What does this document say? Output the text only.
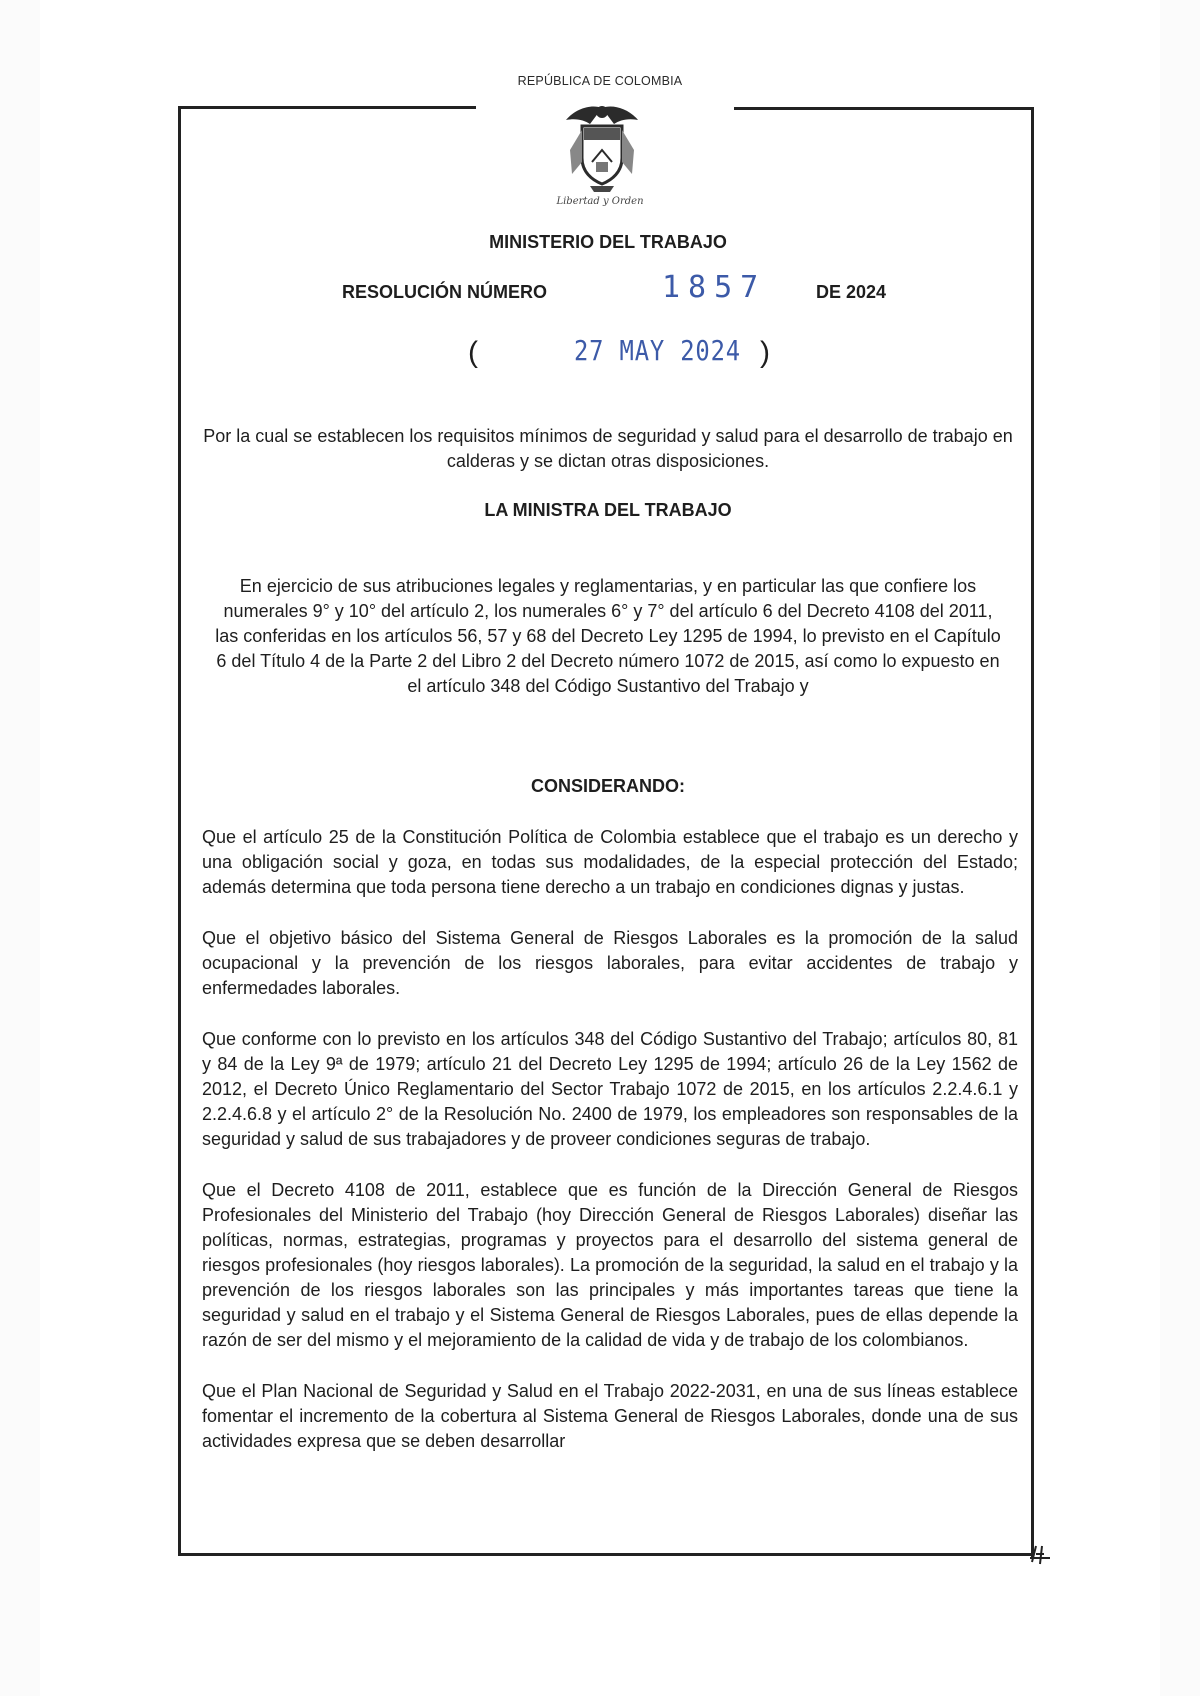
REPÚBLICA DE COLOMBIA
Libertad y Orden
MINISTERIO DEL TRABAJO
RESOLUCIÓN NÚMERO	1857	DE 2024
(	27 MAY 2024 )
Por la cual se establecen los requisitos mínimos de seguridad y salud para el desarrollo de trabajo en calderas y se dictan otras disposiciones.
LA MINISTRA DEL TRABAJO
En ejercicio de sus atribuciones legales y reglamentarias, y en particular las que confiere los numerales 9° y 10° del artículo 2, los numerales 6° y 7° del artículo 6 del Decreto 4108 del 2011, las conferidas en los artículos 56, 57 y 68 del Decreto Ley 1295 de 1994, lo previsto en el Capítulo 6 del Título 4 de la Parte 2 del Libro 2 del Decreto número 1072 de 2015, así como lo expuesto en el artículo 348 del Código Sustantivo del Trabajo y
CONSIDERANDO:

Que el artículo 25 de la Constitución Política de Colombia establece que el trabajo es un derecho y una obligación social y goza, en todas sus modalidades, de la especial protección del Estado; además determina que toda persona tiene derecho a un trabajo en condiciones dignas y justas.

Que el objetivo básico del Sistema General de Riesgos Laborales es la promoción de la salud ocupacional y la prevención de los riesgos laborales, para evitar accidentes de trabajo y enfermedades laborales.

Que conforme con lo previsto en los artículos 348 del Código Sustantivo del Trabajo; artículos 80, 81 y 84 de la Ley 9ª de 1979; artículo 21 del Decreto Ley 1295 de 1994; artículo 26 de la Ley 1562 de 2012, el Decreto Único Reglamentario del Sector Trabajo 1072 de 2015, en los artículos 2.2.4.6.1 y 2.2.4.6.8 y el artículo 2° de la Resolución No. 2400 de 1979, los empleadores son responsables de la seguridad y salud de sus trabajadores y de proveer condiciones seguras de trabajo.

Que el Decreto 4108 de 2011, establece que es función de la Dirección General de Riesgos Profesionales del Ministerio del Trabajo (hoy Dirección General de Riesgos Laborales) diseñar las políticas, normas, estrategias, programas y proyectos para el desarrollo del sistema general de riesgos profesionales (hoy riesgos laborales). La promoción de la seguridad, la salud en el trabajo y la prevención de los riesgos laborales son las principales y más importantes tareas que tiene la seguridad y salud en el trabajo y el Sistema General de Riesgos Laborales, pues de ellas depende la razón de ser del mismo y el mejoramiento de la calidad de vida y de trabajo de los colombianos.

Que el Plan Nacional de Seguridad y Salud en el Trabajo 2022-2031, en una de sus líneas establece fomentar el incremento de la cobertura al Sistema General de Riesgos Laborales, donde una de sus actividades expresa que se deben desarrollar
